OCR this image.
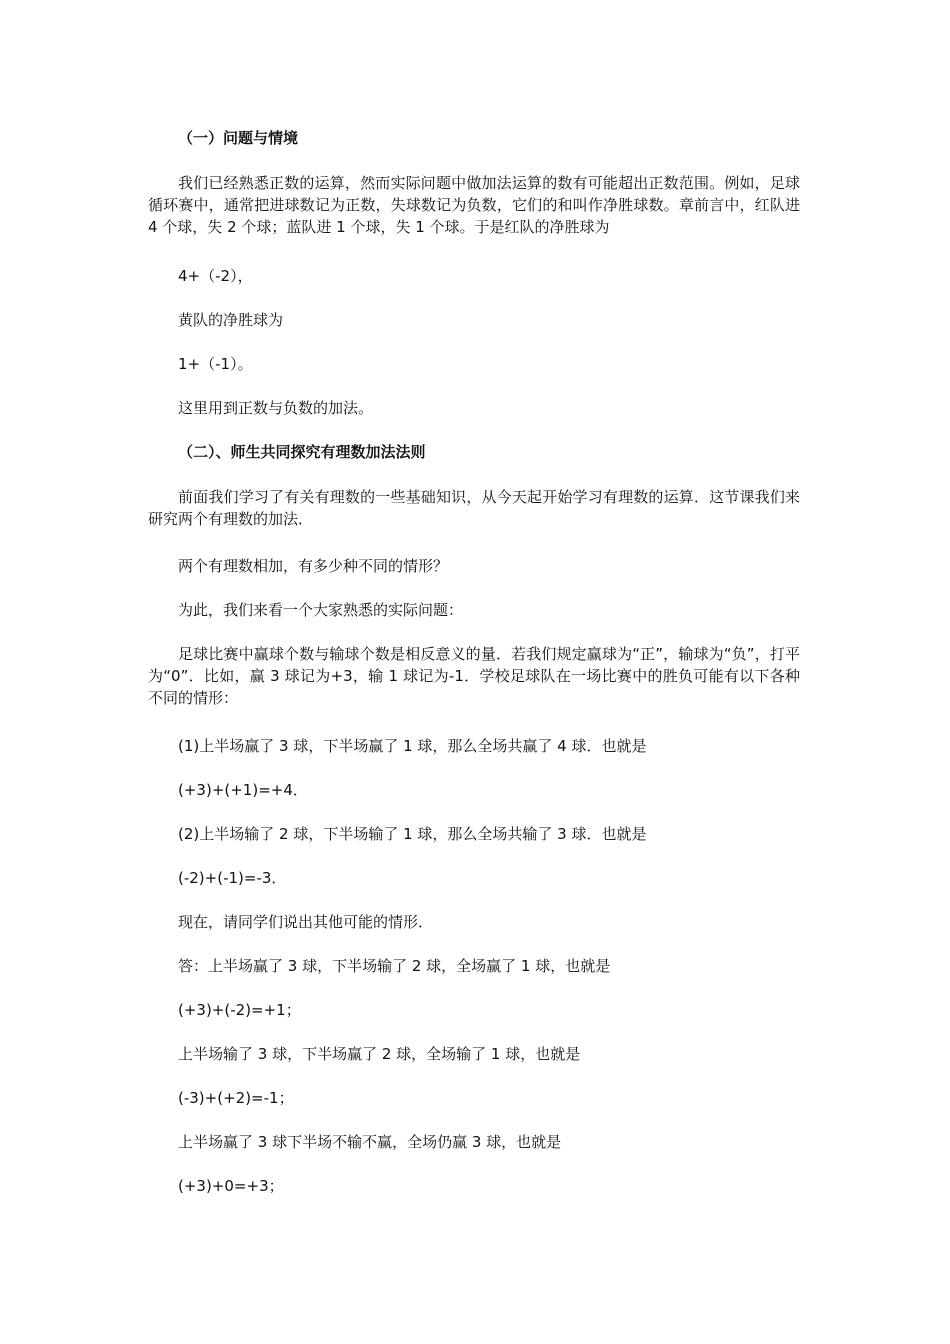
（一）问题与情境

我们已经熟悉正数的运算，然而实际问题中做加法运算的数有可能超出正数范围。例如，足球循环赛中，通常把进球数记为正数，失球数记为负数，它们的和叫作净胜球数。章前言中，红队进 4 个球，失 2 个球；蓝队进 1 个球，失 1 个球。于是红队的净胜球为

4+（-2），

黄队的净胜球为

1+（-1）。

这里用到正数与负数的加法。

（二）、师生共同探究有理数加法法则

前面我们学习了有关有理数的一些基础知识，从今天起开始学习有理数的运算．这节课我们来研究两个有理数的加法．

两个有理数相加，有多少种不同的情形？

为此，我们来看一个大家熟悉的实际问题：

足球比赛中赢球个数与输球个数是相反意义的量．若我们规定赢球为“正”，输球为“负”，打平为“0”．比如，赢 3 球记为+3，输 1 球记为-1．学校足球队在一场比赛中的胜负可能有以下各种不同的情形：

(1)上半场赢了 3 球，下半场赢了 1 球，那么全场共赢了 4 球．也就是

(+3)+(+1)=+4．

(2)上半场输了 2 球，下半场输了 1 球，那么全场共输了 3 球．也就是

(-2)+(-1)=-3．

现在，请同学们说出其他可能的情形．

答：上半场赢了 3 球，下半场输了 2 球，全场赢了 1 球，也就是

(+3)+(-2)=+1；

上半场输了 3 球，下半场赢了 2 球，全场输了 1 球，也就是

(-3)+(+2)=-1；

上半场赢了 3 球下半场不输不赢，全场仍赢 3 球，也就是

(+3)+0=+3；
